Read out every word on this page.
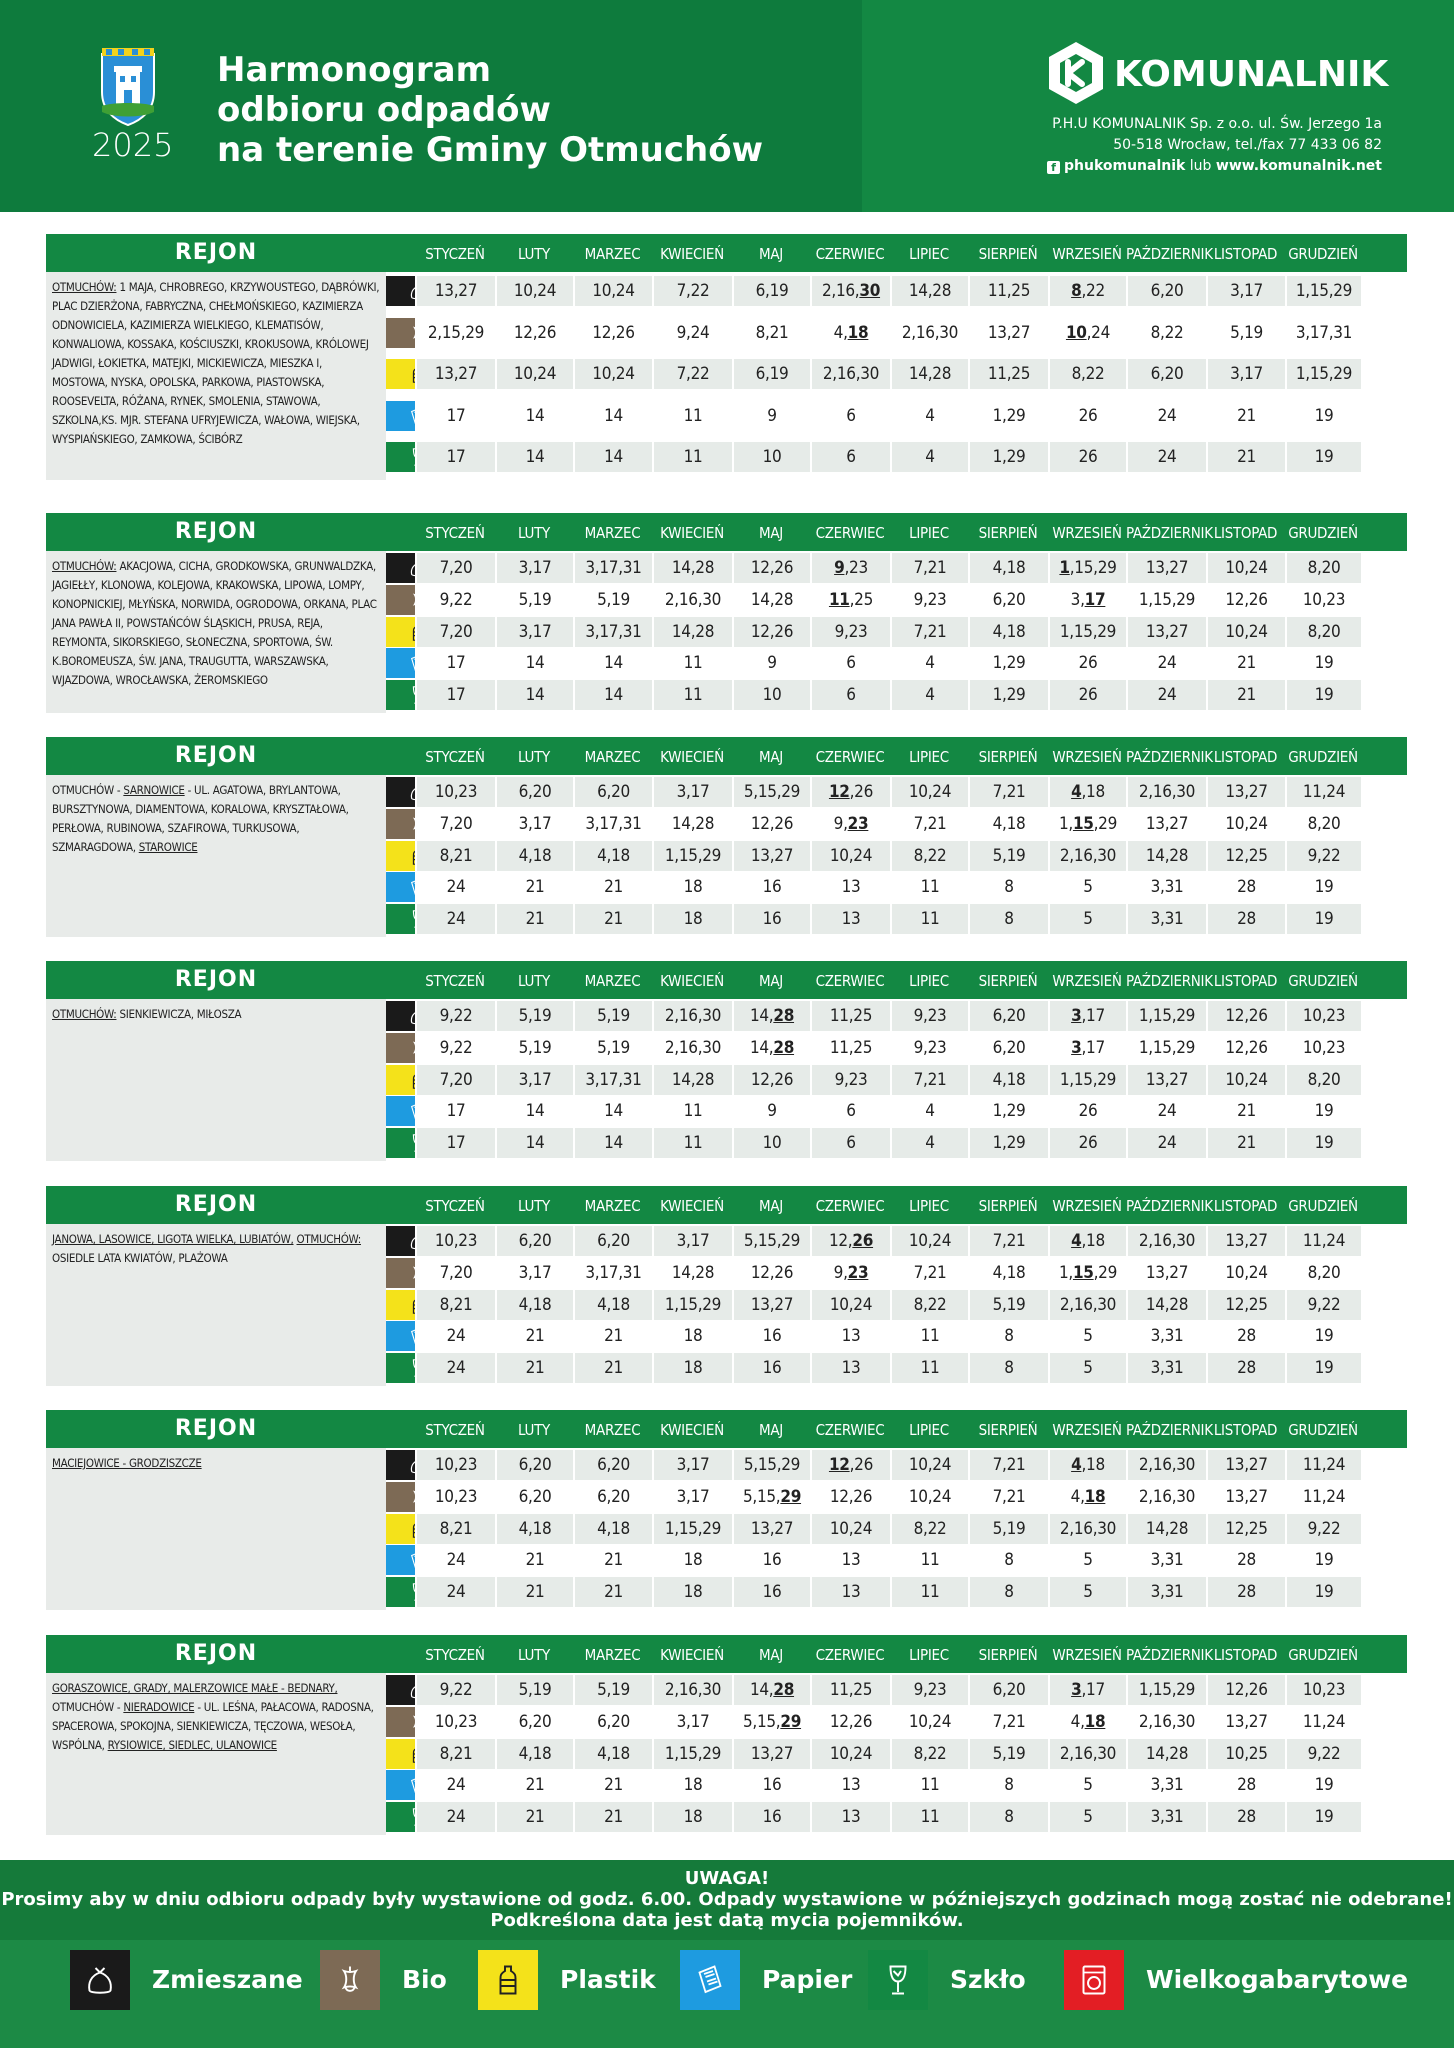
2025
Harmonogram
odbioru odpadów
na terenie Gminy Otmuchów
KOMUNALNIK
P.H.U KOMUNALNIK Sp. z o.o. ul. Św. Jerzego 1a
50-518 Wrocław, tel./fax 77 433 06 82
f phukomunalnik lub www.komunalnik.net
REJON	STYCZEŃ	LUTY	MARZEC	KWIECIEŃ	MAJ	CZERWIEC	LIPIEC	SIERPIEŃ WRZESIEŃ PAŹDZIERNIK LISTOPAD GRUDZIEŃ
OTMUCHÓW: 1 MAJA, CHROBREGO, KRZYWOUSTEGO, DĄBRÓWKI, PLAC DZIERŻONA, FABRYCZNA, CHEŁMOŃSKIEGO, KAZIMIERZA ODNOWICIELA, KAZIMIERZA WIELKIEGO, KLEMATISÓW, KONWALIOWA, KOSSAKA, KOŚCIUSZKI, KROKUSOWA, KRÓLOWEJ JADWIGI, ŁOKIETKA, MATEJKI, MICKIEWICZA, MIESZKA I, MOSTOWA, NYSKA, OPOLSKA, PARKOWA, PIASTOWSKA, ROOSEVELTA, RÓŻANA, RYNEK, SMOLENIA, STAWOWA, SZKOLNA,KS. MJR. STEFANA UFRYJEWICZA, WAŁOWA, WIEJSKA, WYSPIAŃSKIEGO, ZAMKOWA, ŚCIBÓRZ
13,27	10,24	10,24	7,22	6,19	2,16,30	14,28	11,25	8,22	6,20	3,17	1,15,29
2,15,29	12,26	12,26	9,24	8,21	4,18	2,16,30	13,27	10,24	8,22	5,19	3,17,31
13,27	10,24	10,24	7,22	6,19	2,16,30	14,28	11,25	8,22	6,20	3,17	1,15,29
17	14	14	11	9	6	4	1,29	26	24	21	19
17	14	14	11	10	6	4	1,29	26	24	21	19
REJON	STYCZEŃ	LUTY	MARZEC	KWIECIEŃ	MAJ	CZERWIEC	LIPIEC	SIERPIEŃ WRZESIEŃ PAŹDZIERNIK LISTOPAD GRUDZIEŃ
OTMUCHÓW: AKACJOWA, CICHA, GRODKOWSKA, GRUNWALDZKA, JAGIEŁŁY, KLONOWA, KOLEJOWA, KRAKOWSKA, LIPOWA, LOMPY, KONOPNICKIEJ, MŁYŃSKA, NORWIDA, OGRODOWA, ORKANA, PLAC JANA PAWŁA II, POWSTAŃCÓW ŚLĄSKICH, PRUSA, REJA, REYMONTA, SIKORSKIEGO, SŁONECZNA, SPORTOWA, ŚW. K.BOROMEUSZA, ŚW. JANA, TRAUGUTTA, WARSZAWSKA, WJAZDOWA, WROCŁAWSKA, ŻEROMSKIEGO
7,20	3,17	3,17,31	14,28	12,26	9,23	7,21	4,18	1,15,29	13,27	10,24	8,20
9,22	5,19	5,19	2,16,30	14,28	11,25	9,23	6,20	3,17	1,15,29	12,26	10,23
7,20	3,17	3,17,31	14,28	12,26	9,23	7,21	4,18	1,15,29	13,27	10,24	8,20
17	14	14	11	9	6	4	1,29	26	24	21	19
17	14	14	11	10	6	4	1,29	26	24	21	19
REJON	STYCZEŃ	LUTY	MARZEC	KWIECIEŃ	MAJ	CZERWIEC	LIPIEC	SIERPIEŃ WRZESIEŃ PAŹDZIERNIK LISTOPAD GRUDZIEŃ
OTMUCHÓW - SARNOWICE - UL. AGATOWA, BRYLANTOWA, BURSZTYNOWA, DIAMENTOWA, KORALOWA, KRYSZTAŁOWA, PERŁOWA, RUBINOWA, SZAFIROWA, TURKUSOWA, SZMARAGDOWA, STAROWICE
10,23	6,20	6,20	3,17	5,15,29	12,26	10,24	7,21	4,18	2,16,30	13,27	11,24
7,20	3,17	3,17,31	14,28	12,26	9,23	7,21	4,18	1,15,29	13,27	10,24	8,20
8,21	4,18	4,18	1,15,29	13,27	10,24	8,22	5,19	2,16,30	14,28	12,25	9,22
24	21	21	18	16	13	11	8	5	3,31	28	19
24	21	21	18	16	13	11	8	5	3,31	28	19
REJON	STYCZEŃ	LUTY	MARZEC	KWIECIEŃ	MAJ	CZERWIEC	LIPIEC	SIERPIEŃ WRZESIEŃ PAŹDZIERNIK LISTOPAD GRUDZIEŃ
OTMUCHÓW: SIENKIEWICZA, MIŁOSZA	9,22	5,19	5,19	2,16,30	14,28	11,25	9,23	6,20	3,17	1,15,29	12,26	10,23
9,22	5,19	5,19	2,16,30	14,28	11,25	9,23	6,20	3,17	1,15,29	12,26	10,23
7,20	3,17	3,17,31	14,28	12,26	9,23	7,21	4,18	1,15,29	13,27	10,24	8,20
17	14	14	11	9	6	4	1,29	26	24	21	19
17	14	14	11	10	6	4	1,29	26	24	21	19
REJON	STYCZEŃ	LUTY	MARZEC	KWIECIEŃ	MAJ	CZERWIEC	LIPIEC	SIERPIEŃ WRZESIEŃ PAŹDZIERNIK LISTOPAD GRUDZIEŃ
JANOWA, LASOWICE, LIGOTA WIELKA, LUBIATÓW, OTMUCHÓW: OSIEDLE LATA KWIATÓW, PLAŻOWA
10,23	6,20	6,20	3,17	5,15,29	12,26	10,24	7,21	4,18	2,16,30	13,27	11,24
7,20	3,17	3,17,31	14,28	12,26	9,23	7,21	4,18	1,15,29	13,27	10,24	8,20
8,21	4,18	4,18	1,15,29	13,27	10,24	8,22	5,19	2,16,30	14,28	12,25	9,22
24	21	21	18	16	13	11	8	5	3,31	28	19
24	21	21	18	16	13	11	8	5	3,31	28	19
REJON	STYCZEŃ	LUTY	MARZEC	KWIECIEŃ	MAJ	CZERWIEC	LIPIEC	SIERPIEŃ WRZESIEŃ PAŹDZIERNIK LISTOPAD GRUDZIEŃ
MACIEJOWICE - GRODZISZCZE	10,23	6,20	6,20	3,17	5,15,29	12,26	10,24	7,21	4,18	2,16,30	13,27	11,24
10,23	6,20	6,20	3,17	5,15,29	12,26	10,24	7,21	4,18	2,16,30	13,27	11,24
8,21	4,18	4,18	1,15,29	13,27	10,24	8,22	5,19	2,16,30	14,28	12,25	9,22
24	21	21	18	16	13	11	8	5	3,31	28	19
24	21	21	18	16	13	11	8	5	3,31	28	19
REJON	STYCZEŃ	LUTY	MARZEC	KWIECIEŃ	MAJ	CZERWIEC	LIPIEC	SIERPIEŃ WRZESIEŃ PAŹDZIERNIK LISTOPAD GRUDZIEŃ
GORASZOWICE, GRADY, MALERZOWICE MAŁE - BEDNARY, OTMUCHÓW - NIERADOWICE - UL. LEŚNA, PAŁACOWA, RADOSNA, SPACEROWA, SPOKOJNA, SIENKIEWICZA, TĘCZOWA, WESOŁA, WSPÓLNA, RYSIOWICE, SIEDLEC, ULANOWICE
9,22	5,19	5,19	2,16,30	14,28	11,25	9,23	6,20	3,17	1,15,29	12,26	10,23
10,23	6,20	6,20	3,17	5,15,29	12,26	10,24	7,21	4,18	2,16,30	13,27	11,24
8,21	4,18	4,18	1,15,29	13,27	10,24	8,22	5,19	2,16,30	14,28	10,25	9,22
24	21	21	18	16	13	11	8	5	3,31	28	19
24	21	21	18	16	13	11	8	5	3,31	28	19
UWAGA!
Prosimy aby w dniu odbioru odpady były wystawione od godz. 6.00. Odpady wystawione w późniejszych godzinach mogą zostać nie odebrane!
Podkreślona data jest datą mycia pojemników.
Zmieszane	Bio	Plastik	Papier	Szkło	Wielkogabarytowe
